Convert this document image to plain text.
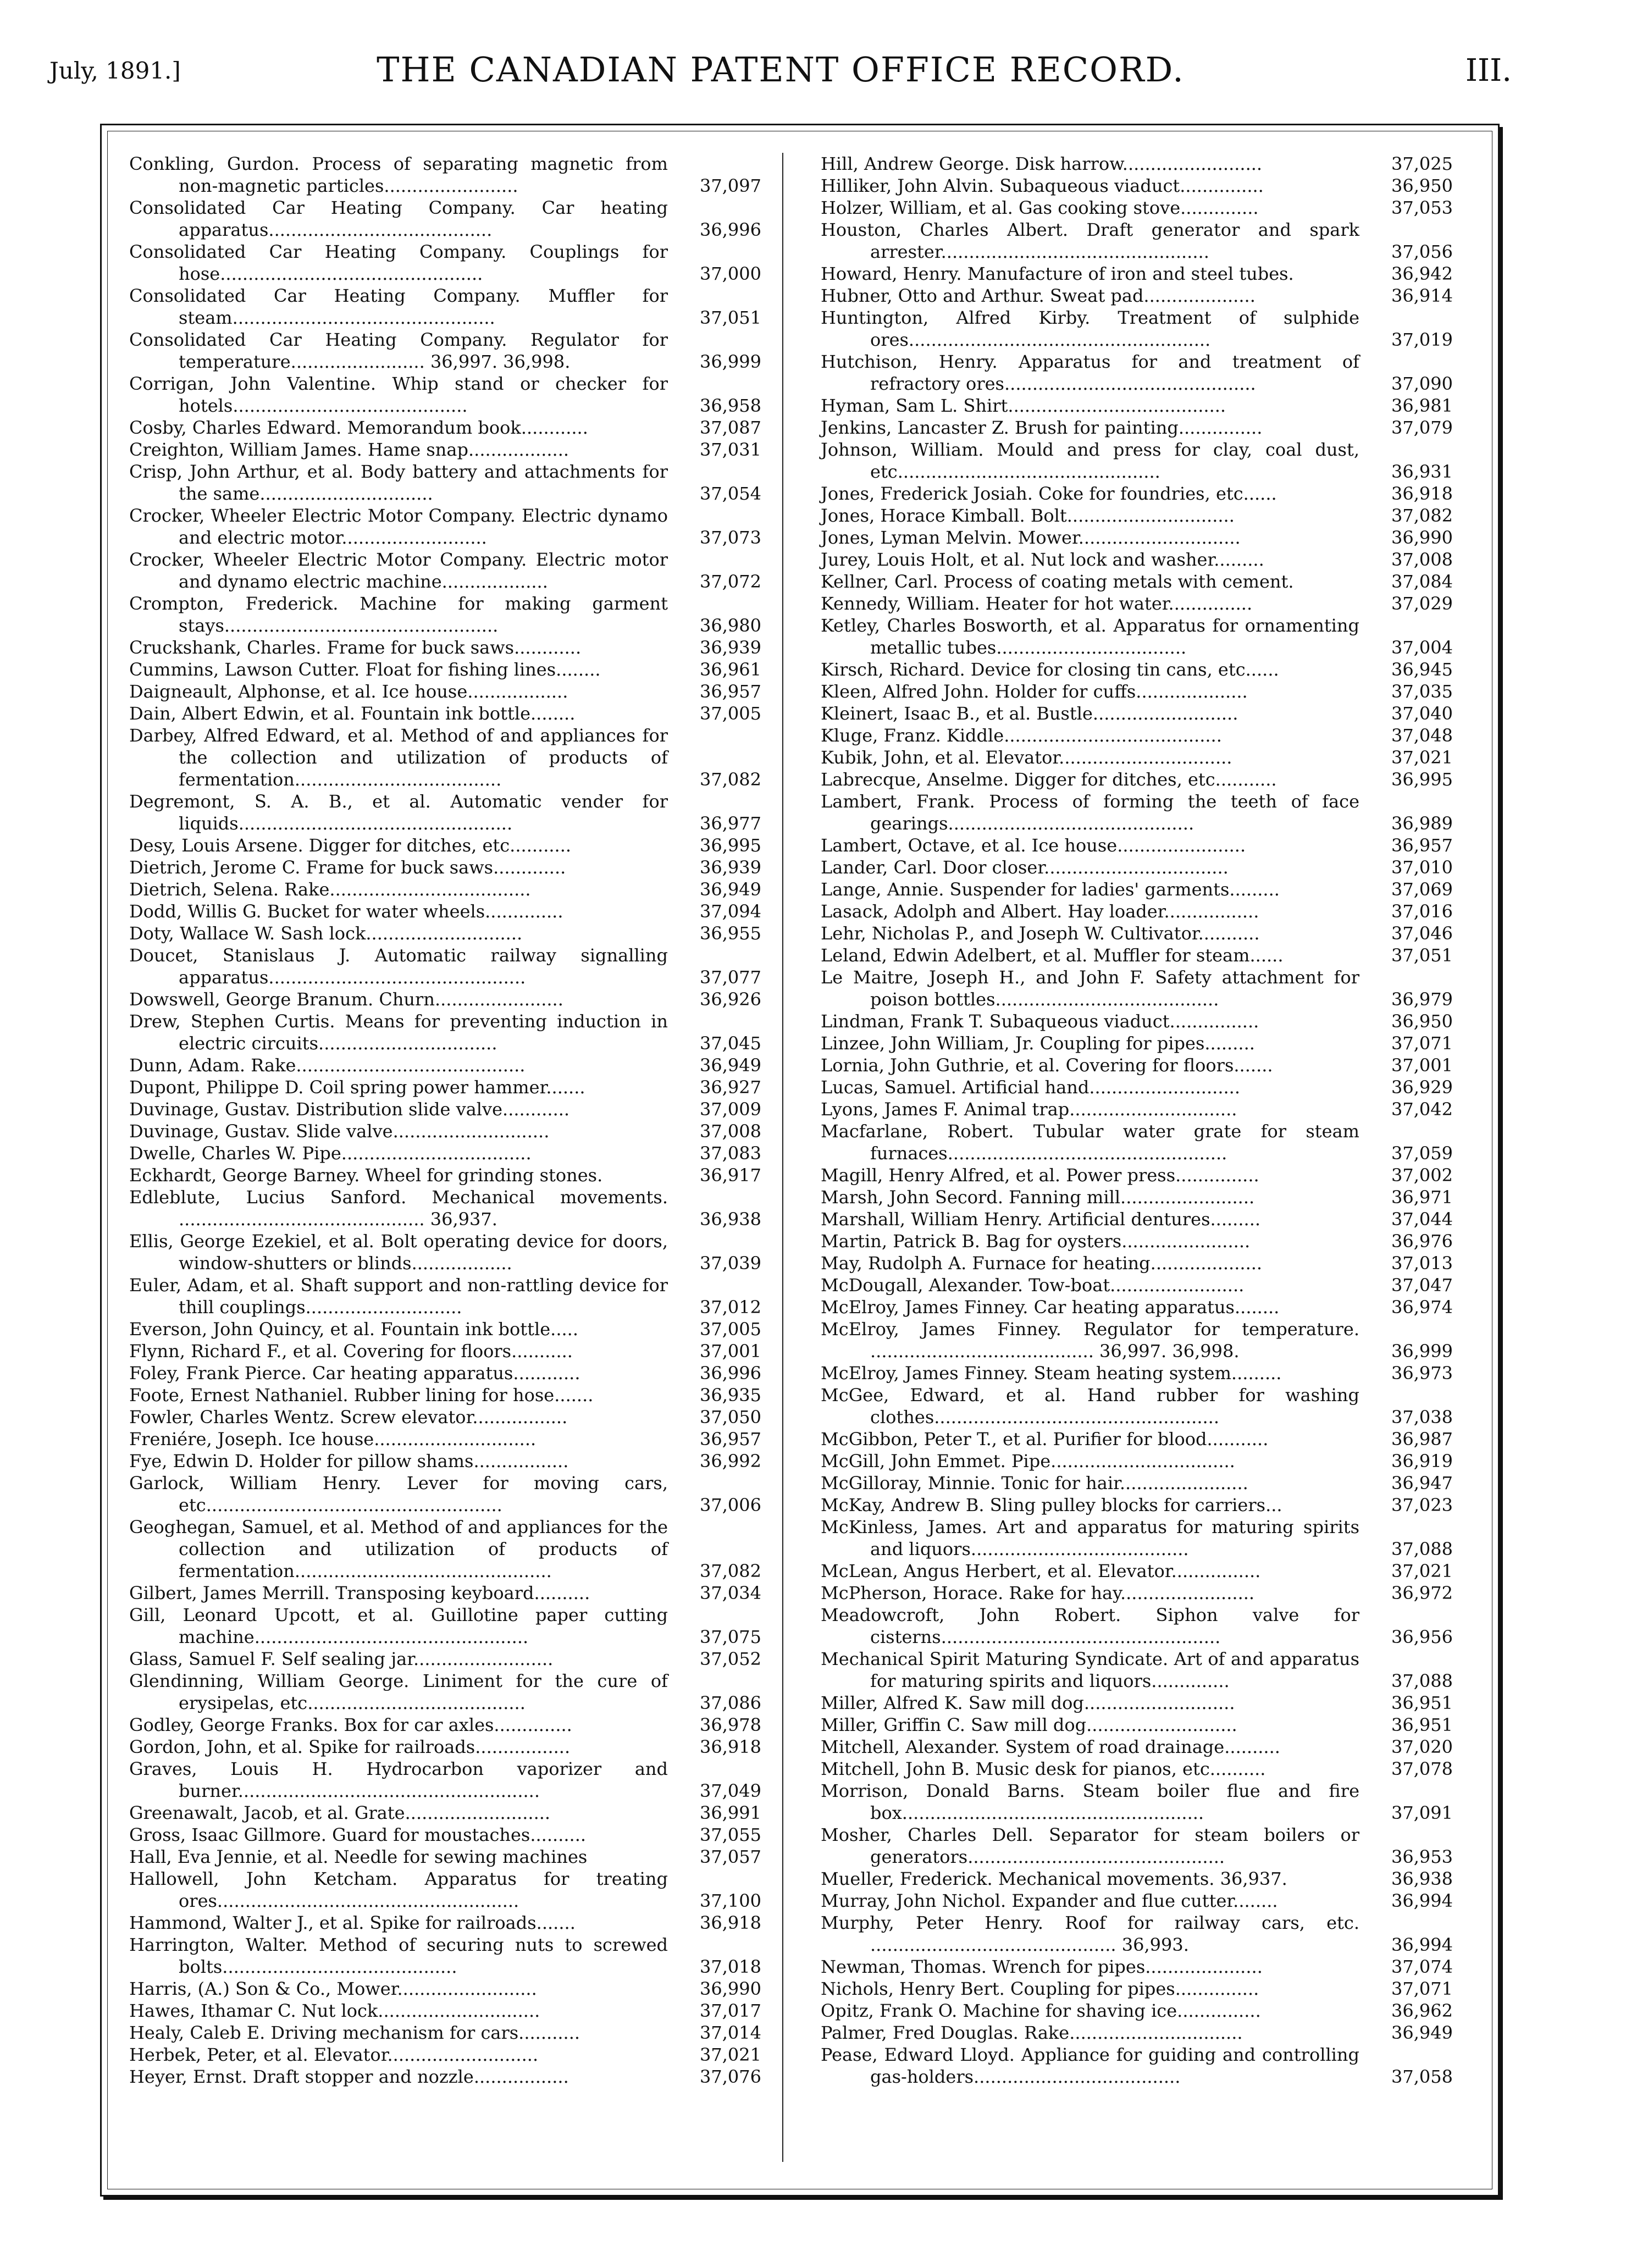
July, 1891.]	THE CANADIAN PATENT OFFICE RECORD.	III.
Conkling, Gurdon. Process of separating magnetic from non-magnetic particles........................	37,097
Consolidated Car Heating Company. Car heating apparatus........................................	36,996
Consolidated Car Heating Company. Couplings for hose...............................................	37,000
Consolidated Car Heating Company. Muffler for steam...............................................	37,051
Consolidated Car Heating Company. Regulator for temperature........................ 36,997. 36,998.	36,999
Corrigan, John Valentine. Whip stand or checker for hotels..........................................	36,958
Cosby, Charles Edward. Memorandum book............	37,087
Creighton, William James. Hame snap..................	37,031
Crisp, John Arthur, et al. Body battery and attachments for the same...............................	37,054
Crocker, Wheeler Electric Motor Company. Electric dynamo and electric motor..........................	37,073
Crocker, Wheeler Electric Motor Company. Electric motor and dynamo electric machine...................	37,072
Crompton, Frederick. Machine for making garment stays.................................................	36,980
Cruckshank, Charles. Frame for buck saws............	36,939
Cummins, Lawson Cutter. Float for fishing lines........	36,961
Daigneault, Alphonse, et al. Ice house..................	36,957
Dain, Albert Edwin, et al. Fountain ink bottle........	37,005
Darbey, Alfred Edward, et al. Method of and appliances for the collection and utilization of products of fermentation.....................................	37,082
Degremont, S. A. B., et al. Automatic vender for liquids.................................................	36,977
Desy, Louis Arsene. Digger for ditches, etc...........	36,995
Dietrich, Jerome C. Frame for buck saws.............	36,939
Dietrich, Selena. Rake....................................	36,949
Dodd, Willis G. Bucket for water wheels..............	37,094
Doty, Wallace W. Sash lock............................	36,955
Doucet, Stanislaus J. Automatic railway signalling apparatus..............................................	37,077
Dowswell, George Branum. Churn.......................	36,926
Drew, Stephen Curtis. Means for preventing induction in electric circuits................................	37,045
Dunn, Adam. Rake.........................................	36,949
Dupont, Philippe D. Coil spring power hammer.......	36,927
Duvinage, Gustav. Distribution slide valve............	37,009
Duvinage, Gustav. Slide valve............................	37,008
Dwelle, Charles W. Pipe..................................	37,083
Eckhardt, George Barney. Wheel for grinding stones.	36,917
Edleblute, Lucius Sanford. Mechanical movements. ............................................ 36,937.	36,938
Ellis, George Ezekiel, et al. Bolt operating device for doors, window-shutters or blinds..................	37,039
Euler, Adam, et al. Shaft support and non-rattling device for thill couplings............................	37,012
Everson, John Quincy, et al. Fountain ink bottle.....	37,005
Flynn, Richard F., et al. Covering for floors...........	37,001
Foley, Frank Pierce. Car heating apparatus............	36,996
Foote, Ernest Nathaniel. Rubber lining for hose.......	36,935
Fowler, Charles Wentz. Screw elevator.................	37,050
Freniére, Joseph. Ice house.............................	36,957
Fye, Edwin D. Holder for pillow shams.................	36,992
Garlock, William Henry. Lever for moving cars, etc.....................................................	37,006
Geoghegan, Samuel, et al. Method of and appliances for the collection and utilization of products of fermentation..............................................	37,082
Gilbert, James Merrill. Transposing keyboard..........	37,034
Gill, Leonard Upcott, et al. Guillotine paper cutting machine.................................................	37,075
Glass, Samuel F. Self sealing jar.........................	37,052
Glendinning, William George. Liniment for the cure of erysipelas, etc.......................................	37,086
Godley, George Franks. Box for car axles..............	36,978
Gordon, John, et al. Spike for railroads.................	36,918
Graves, Louis H. Hydrocarbon vaporizer and burner......................................................	37,049
Greenawalt, Jacob, et al. Grate..........................	36,991
Gross, Isaac Gillmore. Guard for moustaches..........	37,055
Hall, Eva Jennie, et al. Needle for sewing machines	37,057
Hallowell, John Ketcham. Apparatus for treating ores......................................................	37,100
Hammond, Walter J., et al. Spike for railroads.......	36,918
Harrington, Walter. Method of securing nuts to screwed bolts..........................................	37,018
Harris, (A.) Son & Co., Mower.........................	36,990
Hawes, Ithamar C. Nut lock.............................	37,017
Healy, Caleb E. Driving mechanism for cars...........	37,014
Herbek, Peter, et al. Elevator...........................	37,021
Heyer, Ernst. Draft stopper and nozzle.................	37,076
Hill, Andrew George. Disk harrow.........................	37,025
Hilliker, John Alvin. Subaqueous viaduct...............	36,950
Holzer, William, et al. Gas cooking stove..............	37,053
Houston, Charles Albert. Draft generator and spark arrester................................................	37,056
Howard, Henry. Manufacture of iron and steel tubes.	36,942
Hubner, Otto and Arthur. Sweat pad....................	36,914
Huntington, Alfred Kirby. Treatment of sulphide ores......................................................	37,019
Hutchison, Henry. Apparatus for and treatment of refractory ores.............................................	37,090
Hyman, Sam L. Shirt.......................................	36,981
Jenkins, Lancaster Z. Brush for painting...............	37,079
Johnson, William. Mould and press for clay, coal dust, etc...............................................	36,931
Jones, Frederick Josiah. Coke for foundries, etc......	36,918
Jones, Horace Kimball. Bolt..............................	37,082
Jones, Lyman Melvin. Mower.............................	36,990
Jurey, Louis Holt, et al. Nut lock and washer.........	37,008
Kellner, Carl. Process of coating metals with cement.	37,084
Kennedy, William. Heater for hot water...............	37,029
Ketley, Charles Bosworth, et al. Apparatus for ornamenting metallic tubes..................................	37,004
Kirsch, Richard. Device for closing tin cans, etc......	36,945
Kleen, Alfred John. Holder for cuffs....................	37,035
Kleinert, Isaac B., et al. Bustle..........................	37,040
Kluge, Franz. Kiddle.......................................	37,048
Kubik, John, et al. Elevator...............................	37,021
Labrecque, Anselme. Digger for ditches, etc...........	36,995
Lambert, Frank. Process of forming the teeth of face gearings............................................	36,989
Lambert, Octave, et al. Ice house.......................	36,957
Lander, Carl. Door closer.................................	37,010
Lange, Annie. Suspender for ladies' garments.........	37,069
Lasack, Adolph and Albert. Hay loader.................	37,016
Lehr, Nicholas P., and Joseph W. Cultivator...........	37,046
Leland, Edwin Adelbert, et al. Muffler for steam......	37,051
Le Maitre, Joseph H., and John F. Safety attachment for poison bottles........................................	36,979
Lindman, Frank T. Subaqueous viaduct................	36,950
Linzee, John William, Jr. Coupling for pipes.........	37,071
Lornia, John Guthrie, et al. Covering for floors.......	37,001
Lucas, Samuel. Artificial hand...........................	36,929
Lyons, James F. Animal trap..............................	37,042
Macfarlane, Robert. Tubular water grate for steam furnaces..................................................	37,059
Magill, Henry Alfred, et al. Power press...............	37,002
Marsh, John Secord. Fanning mill........................	36,971
Marshall, William Henry. Artificial dentures.........	37,044
Martin, Patrick B. Bag for oysters.......................	36,976
May, Rudolph A. Furnace for heating....................	37,013
McDougall, Alexander. Tow-boat........................	37,047
McElroy, James Finney. Car heating apparatus........	36,974
McElroy, James Finney. Regulator for temperature. ........................................ 36,997. 36,998.	36,999
McElroy, James Finney. Steam heating system.........	36,973
McGee, Edward, et al. Hand rubber for washing clothes...................................................	37,038
McGibbon, Peter T., et al. Purifier for blood...........	36,987
McGill, John Emmet. Pipe.................................	36,919
McGilloray, Minnie. Tonic for hair.......................	36,947
McKay, Andrew B. Sling pulley blocks for carriers...	37,023
McKinless, James. Art and apparatus for maturing spirits and liquors.......................................	37,088
McLean, Angus Herbert, et al. Elevator................	37,021
McPherson, Horace. Rake for hay........................	36,972
Meadowcroft, John Robert. Siphon valve for cisterns..................................................	36,956
Mechanical Spirit Maturing Syndicate. Art of and apparatus for maturing spirits and liquors..............	37,088
Miller, Alfred K. Saw mill dog...........................	36,951
Miller, Griffin C. Saw mill dog...........................	36,951
Mitchell, Alexander. System of road drainage..........	37,020
Mitchell, John B. Music desk for pianos, etc..........	37,078
Morrison, Donald Barns. Steam boiler flue and fire box......................................................	37,091
Mosher, Charles Dell. Separator for steam boilers or generators..............................................	36,953
Mueller, Frederick. Mechanical movements. 36,937.	36,938
Murray, John Nichol. Expander and flue cutter........	36,994
Murphy, Peter Henry. Roof for railway cars, etc. ............................................ 36,993.	36,994
Newman, Thomas. Wrench for pipes.....................	37,074
Nichols, Henry Bert. Coupling for pipes...............	37,071
Opitz, Frank O. Machine for shaving ice...............	36,962
Palmer, Fred Douglas. Rake...............................	36,949
Pease, Edward Lloyd. Appliance for guiding and controlling gas-holders.....................................	37,058
